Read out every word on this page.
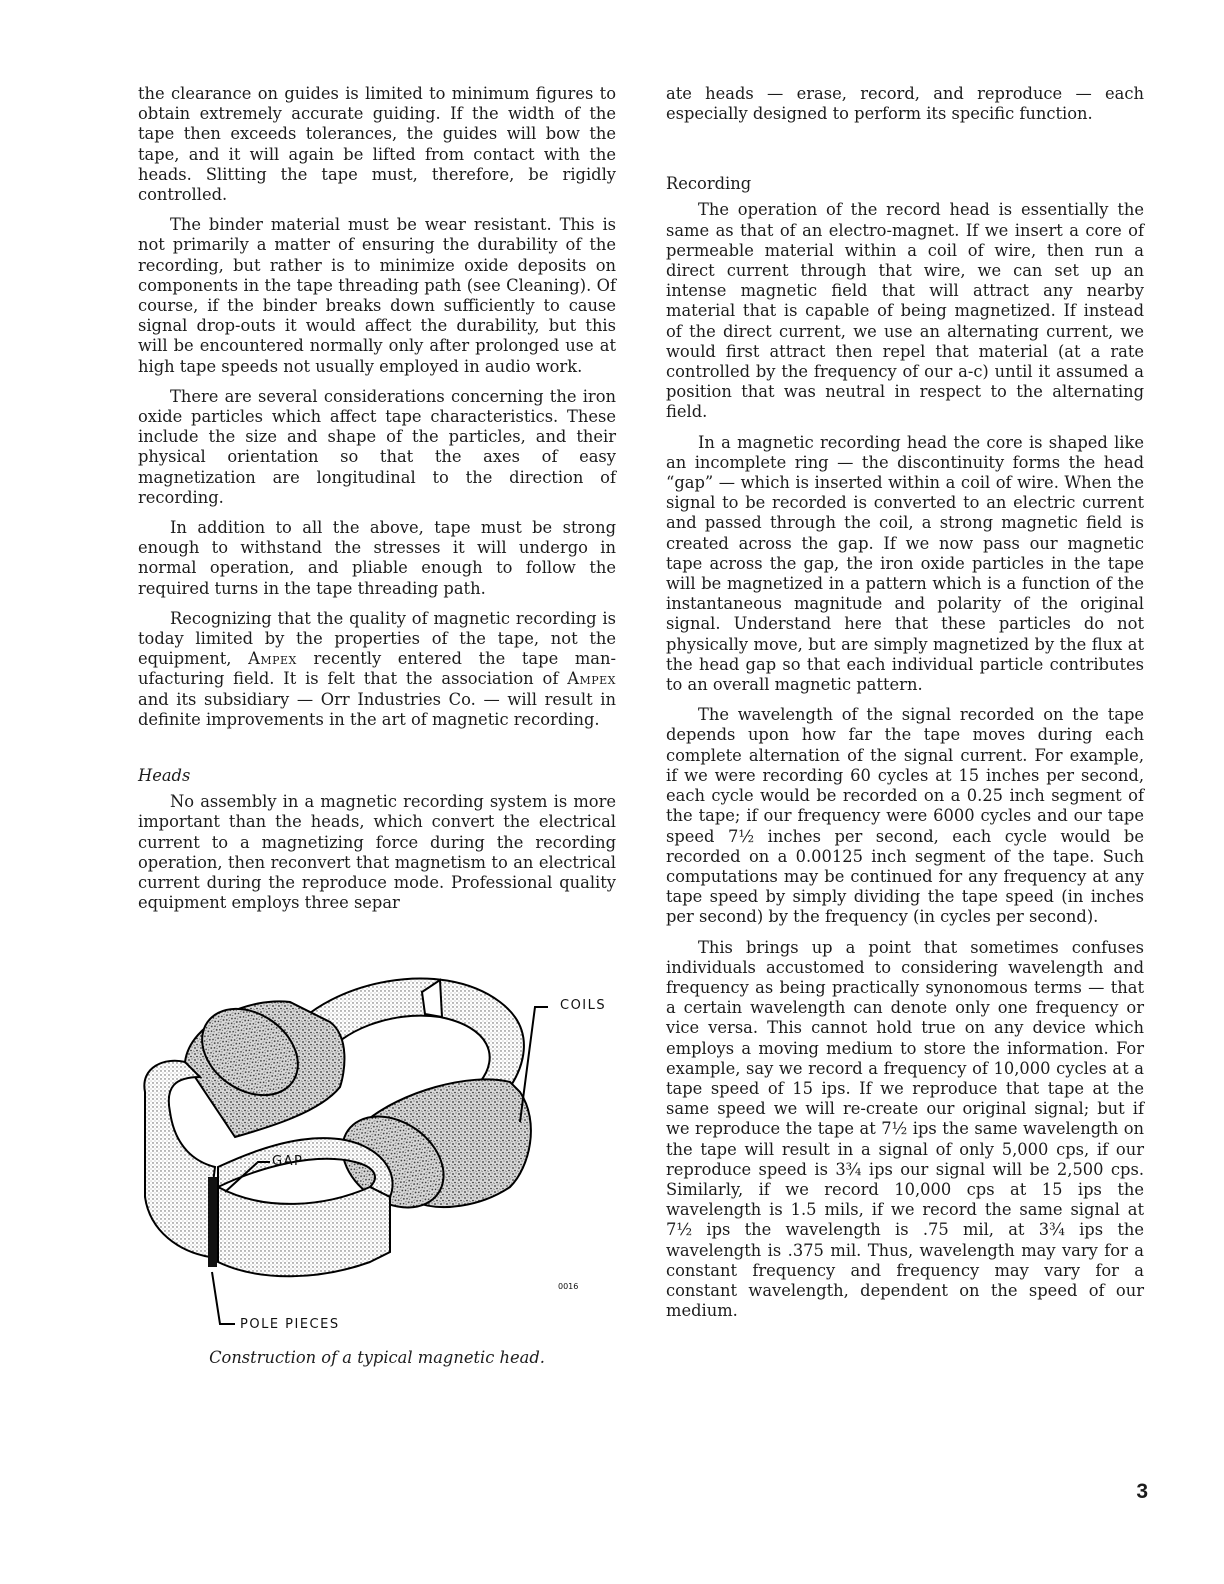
the clearance on guides is limited to minimum figures to obtain extremely accurate guiding. If the width of the tape then exceeds tolerances, the guides will bow the tape, and it will again be lifted from contact with the heads. Slitting the tape must, therefore, be rigidly controlled.

The binder material must be wear resistant. This is not primarily a matter of ensuring the durability of the recording, but rather is to minimize oxide deposits on components in the tape threading path (see Cleaning). Of course, if the binder breaks down sufficiently to cause signal drop-outs it would affect the durability, but this will be encountered normally only after prolonged use at high tape speeds not usually employed in audio work.

There are several considerations concerning the iron oxide particles which affect tape characteristics. These include the size and shape of the particles, and their physical orientation so that the axes of easy magnetization are longitudinal to the direction of recording.

In addition to all the above, tape must be strong enough to withstand the stresses it will undergo in normal operation, and pliable enough to follow the required turns in the tape threading path.

Recognizing that the quality of magnetic recording is today limited by the properties of the tape, not the equipment, Ampex recently entered the tape manufacturing field. It is felt that the association of Ampex and its subsidiary — Orr Industries Co. — will result in definite improvements in the art of magnetic recording.

Heads

No assembly in a magnetic recording system is more important than the heads, which convert the electrical current to a magnetizing force during the recording operation, then reconvert that magnetism to an electrical current during the reproduce mode. Professional quality equipment employs three separ

ate heads — erase, record, and reproduce — each especially designed to perform its specific function.

Recording

The operation of the record head is essentially the same as that of an electro-magnet. If we insert a core of permeable material within a coil of wire, then run a direct current through that wire, we can set up an intense magnetic field that will attract any nearby material that is capable of being magnetized. If instead of the direct current, we use an alternating current, we would first attract then repel that material (at a rate controlled by the frequency of our a-c) until it assumed a position that was neutral in respect to the alternating field.

In a magnetic recording head the core is shaped like an incomplete ring — the discontinuity forms the head “gap” — which is inserted within a coil of wire. When the signal to be recorded is converted to an electric current and passed through the coil, a strong magnetic field is created across the gap. If we now pass our magnetic tape across the gap, the iron oxide particles in the tape will be magnetized in a pattern which is a function of the instantaneous magnitude and polarity of the original signal. Understand here that these particles do not physically move, but are simply magnetized by the flux at the head gap so that each individual particle contributes to an overall magnetic pattern.

The wavelength of the signal recorded on the tape depends upon how far the tape moves during each complete alternation of the signal current. For example, if we were recording 60 cycles at 15 inches per second, each cycle would be recorded on a 0.25 inch segment of the tape; if our frequency were 6000 cycles and our tape speed 7½ inches per second, each cycle would be recorded on a 0.00125 inch segment of the tape. Such computations may be continued for any frequency at any tape speed by simply dividing the tape speed (in inches per second) by the frequency (in cycles per second).

This brings up a point that sometimes confuses individuals accustomed to considering wavelength and frequency as being practically synonomous terms — that a certain wavelength can denote only one frequency or vice versa. This cannot hold true on any device which employs a moving medium to store the information. For example, say we record a frequency of 10,000 cycles at a tape speed of 15 ips. If we reproduce that tape at the same speed we will re-create our original signal; but if we reproduce the tape at 7½ ips the same wavelength on the tape will result in a signal of only 5,000 cps, if our reproduce speed is 3¾ ips our signal will be 2,500 cps. Similarly, if we record 10,000 cps at 15 ips the wavelength is 1.5 mils, if we record the same signal at 7½ ips the wavelength is .75 mil, at 3¾ ips the wavelength is .375 mil. Thus, wavelength may vary for a constant frequency and frequency may vary for a constant wavelength, dependent on the speed of our medium.

COILS
GAP
POLE PIECES
0016
Construction of a typical magnetic head.
3
